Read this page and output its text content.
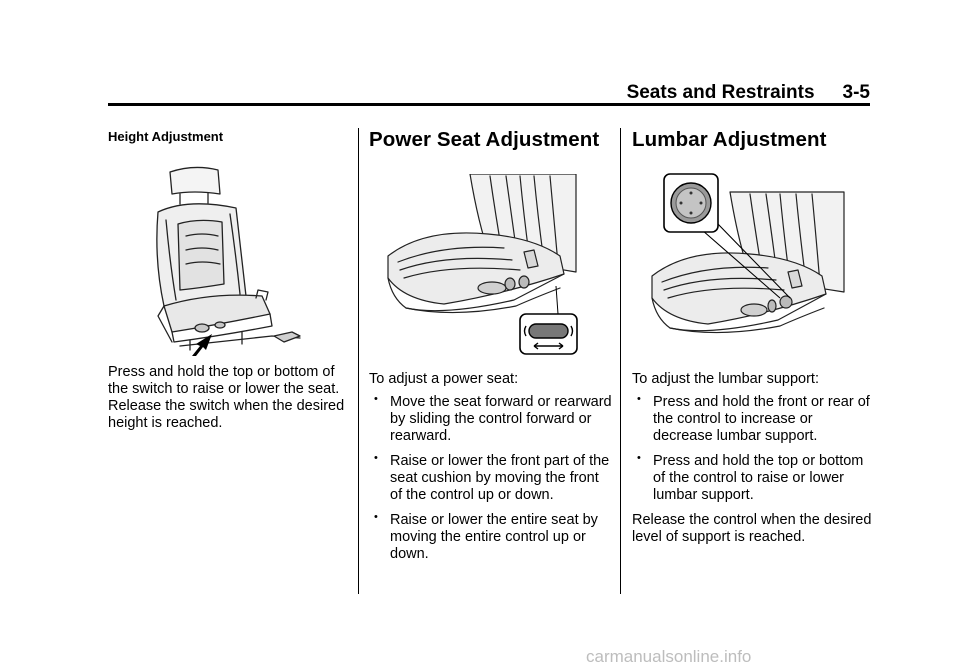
Seats and Restraints 3-5

Height Adjustment

Press and hold the top or bottom of the switch to raise or lower the seat. Release the switch when the desired height is reached.

Power Seat Adjustment

To adjust a power seat:

• Move the seat forward or rearward by sliding the control forward or rearward.
• Raise or lower the front part of the seat cushion by moving the front of the control up or down.
• Raise or lower the entire seat by moving the entire control up or down.
Lumbar Adjustment

To adjust the lumbar support:

• Press and hold the front or rear of the control to increase or decrease lumbar support.
• Press and hold the top or bottom of the control to raise or lower lumbar support.

Release the control when the desired level of support is reached.

carmanualsonline.info
